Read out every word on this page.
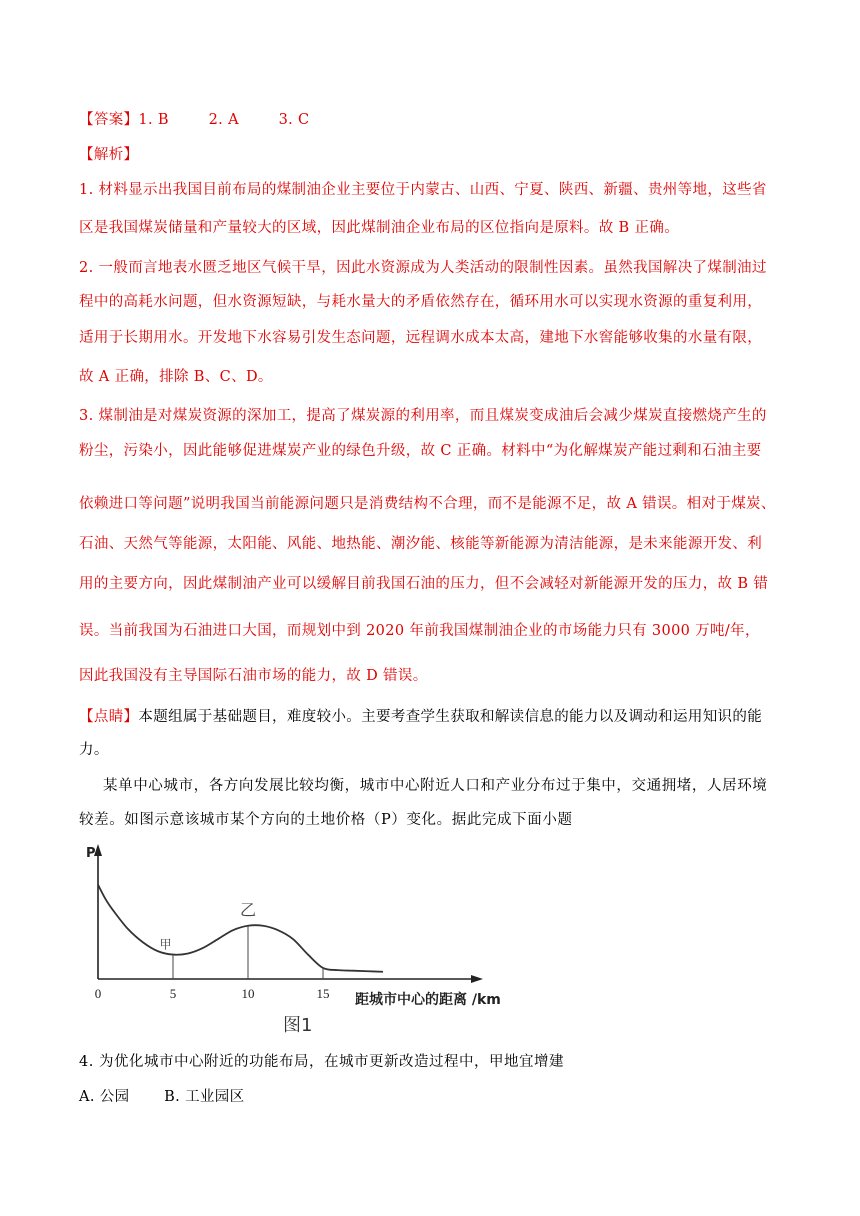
【答案】1. B        2. A        3. C
【解析】
1. 材料显示出我国目前布局的煤制油企业主要位于内蒙古、山西、宁夏、陕西、新疆、贵州等地，这些省
区是我国煤炭储量和产量较大的区域，因此煤制油企业布局的区位指向是原料。故 B 正确。
2. 一般而言地表水匮乏地区气候干旱，因此水资源成为人类活动的限制性因素。虽然我国解决了煤制油过
程中的高耗水问题，但水资源短缺，与耗水量大的矛盾依然存在，循环用水可以实现水资源的重复利用，
适用于长期用水。开发地下水容易引发生态问题，远程调水成本太高，建地下水窖能够收集的水量有限，
故 A 正确，排除 B、C、D。
3. 煤制油是对煤炭资源的深加工，提高了煤炭源的利用率，而且煤炭变成油后会减少煤炭直接燃烧产生的
粉尘，污染小，因此能够促进煤炭产业的绿色升级，故 C 正确。材料中“为化解煤炭产能过剩和石油主要
依赖进口等问题”说明我国当前能源问题只是消费结构不合理，而不是能源不足，故 A 错误。相对于煤炭、
石油、天然气等能源，太阳能、风能、地热能、潮汐能、核能等新能源为清洁能源，是未来能源开发、利
用的主要方向，因此煤制油产业可以缓解目前我国石油的压力，但不会减轻对新能源开发的压力，故 B 错
误。当前我国为石油进口大国，而规划中到 2020 年前我国煤制油企业的市场能力只有 3000 万吨/年，
因此我国没有主导国际石油市场的能力，故 D 错误。
【点睛】本题组属于基础题目，难度较小。主要考查学生获取和解读信息的能力以及调动和运用知识的能
力。
某单中心城市，各方向发展比较均衡，城市中心附近人口和产业分布过于集中，交通拥堵，人居环境
较差。如图示意该城市某个方向的土地价格（P）变化。据此完成下面小题
P
0	5	10	15 距城市中心的距离 /km
图1
甲
乙
4. 为优化城市中心附近的功能布局，在城市更新改造过程中，甲地宜增建
A. 公园       B. 工业园区
